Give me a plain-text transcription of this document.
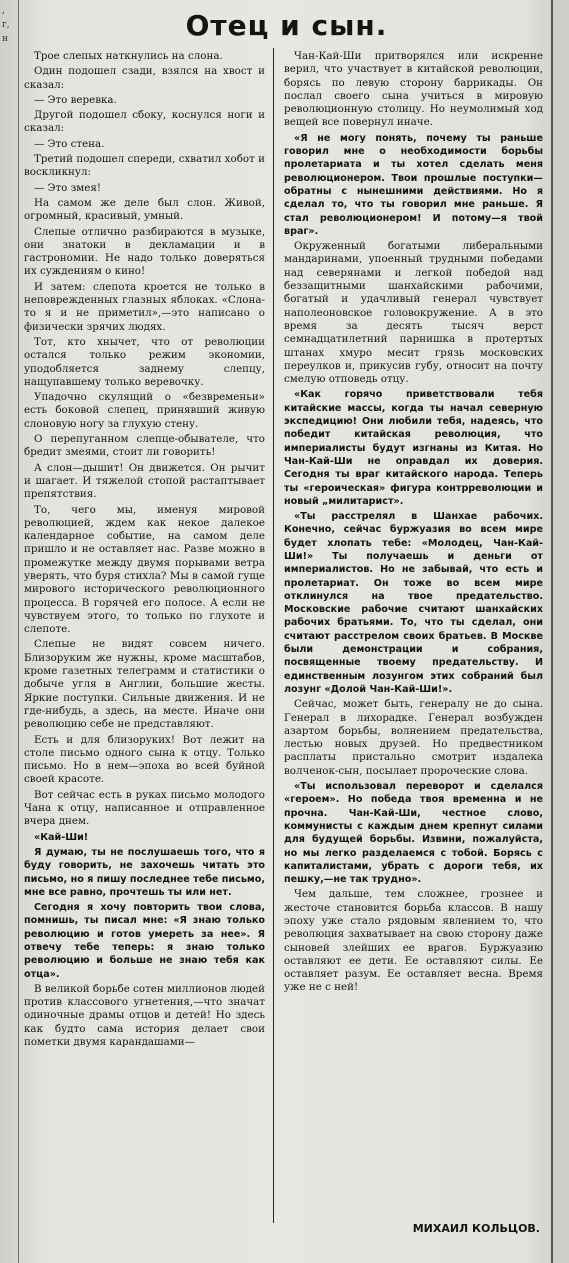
,
г,
н	Отец и сын.

Трое слепых наткнулись на слона.

Один подошел сзади, взялся на хвост и сказал:

— Это веревка.

Другой подошел сбоку, коснулся ноги и сказал:

— Это стена.

Третий подошел спереди, схватил хобот и воскликнул:

— Это змея!

На самом же деле был слон. Живой, огромный, красивый, умный.

Слепые отлично разбираются в музыке, они знатоки в декламации и в гастрономии. Не надо только доверяться их суждениям о кино!

И затем: слепота кроется не только в неповрежденных глазных яблоках. «Слона-то я и не приметил»,—это написано о физически зрячих людях.

Тот, кто хнычет, что от революции остался только режим экономии, уподобляется заднему слепцу, нащупавшему только веревочку.

Упадочно скулящий о «безвременьи» есть боковой слепец, принявший живую слоновую ногу за глухую стену.

О перепуганном слепце-обывателе, что бредит змеями, стоит ли говорить!

А слон—дышит! Он движется. Он рычит и шагает. И тяжелой стопой растаптывает препятствия.

То, чего мы, именуя мировой революцией, ждем как некое далекое календарное событие, на самом деле пришло и не оставляет нас. Разве можно в промежутке между двумя порывами ветра уверять, что буря стихла? Мы в самой гуще мирового исторического революционного процесса. В горячей его полосе. А если не чувствуем этого, то только по глухоте и слепоте.

Слепые не видят совсем ничего. Близоруким же нужны, кроме масштабов, кроме газетных телеграмм и статистики о добыче угля в Англии, большие жесты. Яркие поступки. Сильные движения. И не где-нибудь, а здесь, на месте. Иначе они революцию себе не представляют.

Есть и для близоруких! Вот лежит на столе письмо одного сына к отцу. Только письмо. Но в нем—эпоха во всей буйной своей красоте.

Вот сейчас есть в руках письмо молодого Чана к отцу, написанное и отправленное вчера днем.

«Кай-Ши!

Я думаю, ты не послушаешь того, что я буду говорить, не захочешь читать это письмо, но я пишу последнее тебе письмо, мне все равно, прочтешь ты или нет.

Сегодня я хочу повторить твои слова, помнишь, ты писал мне: «Я знаю только революцию и готов умереть за нее». Я отвечу тебе теперь: я знаю только революцию и больше не знаю тебя как отца».

В великой борьбе сотен миллионов людей против классового угнетения,—что значат одиночные драмы отцов и детей! Но здесь как будто сама история делает свои пометки двумя карандашами—

Чан-Кай-Ши притворялся или искренне верил, что участвует в китайской революции, борясь по левую сторону баррикады. Он послал своего сына учиться в мировую революционную столицу. Но неумолимый ход вещей все повернул иначе.

«Я не могу понять, почему ты раньше говорил мне о необходимости борьбы пролетариата и ты хотел сделать меня революционером. Твои прошлые поступки—обратны с нынешними действиями. Но я сделал то, что ты говорил мне раньше. Я стал революционером! И потому—я твой враг».

Окруженный богатыми либеральными мандаринами, упоенный трудными победами над северянами и легкой победой над беззащитными шанхайскими рабочими, богатый и удачливый генерал чувствует наполеоновское головокружение. А в это время за десять тысяч верст семнадцатилетний парнишка в протертых штанах хмуро месит грязь московских переулков и, прикусив губу, относит на почту смелую отповедь отцу.

«Как горячо приветствовали тебя китайские массы, когда ты начал северную экспедицию! Они любили тебя, надеясь, что победит китайская революция, что империалисты будут изгнаны из Китая. Но Чан-Кай-Ши не оправдал их доверия. Сегодня ты враг китайского народа. Теперь ты «героическая» фигура контрреволюции и новый „милитарист».

«Ты расстрелял в Шанхае рабочих. Конечно, сейчас буржуазия во всем мире будет хлопать тебе: «Молодец, Чан-Кай-Ши!» Ты получаешь и деньги от империалистов. Но не забывай, что есть и пролетариат. Он тоже во всем мире отклинулся на твое предательство. Московские рабочие считают шанхайских рабочих братьями. То, что ты сделал, они считают расстрелом своих братьев. В Москве были демонстрации и собрания, посвященные твоему предательству. И единственным лозунгом этих собраний был лозунг «Долой Чан-Кай-Ши!».

Сейчас, может быть, генералу не до сына. Генерал в лихорадке. Генерал возбужден азартом борьбы, волнением предательства, лестью новых друзей. Но предвестником расплаты пристально смотрит издалека волченок-сын, посылает пророческие слова.

«Ты использовал переворот и сделался «героем». Но победа твоя временна и не прочна. Чан-Кай-Ши, честное слово, коммунисты с каждым днем крепнут силами для будущей борьбы. Извини, пожалуйста, но мы легко разделаемся с тобой. Борясь с капиталистами, убрать с дороги тебя, их пешку,—не так трудно».

Чем дальше, тем сложнее, грознее и жесточе становится борьба классов. В нашу эпоху уже стало рядовым явлением то, что революция захватывает на свою сторону даже сыновей злейших ее врагов. Буржуазию оставляют ее дети. Ее оставляют силы. Ее оставляет разум. Ее оставляет весна. Время уже не с ней!

МИХАИЛ КОЛЬЦОВ.
